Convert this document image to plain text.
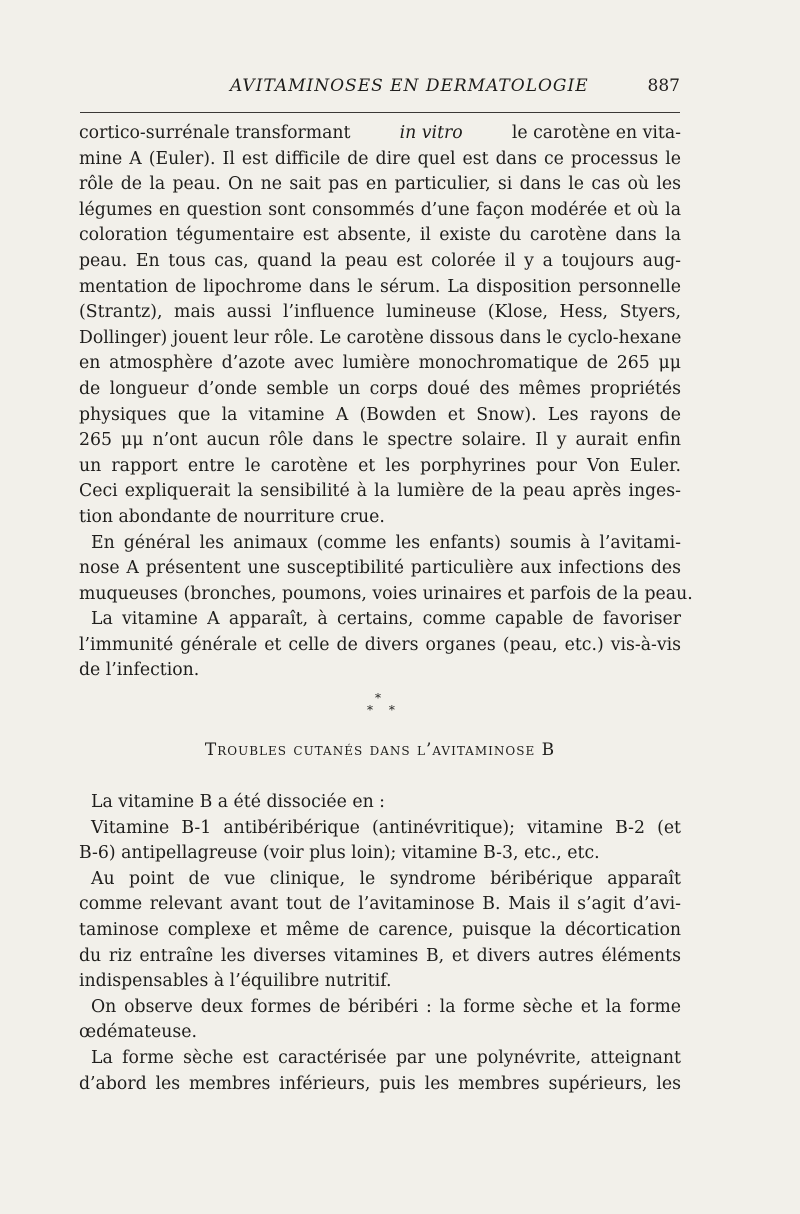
AVITAMINOSES EN DERMATOLOGIE	887
cortico-surrénale transformant	in vitro	le carotène en vita-
mine A (Euler). Il est difficile de dire quel est dans ce processus le
rôle de la peau. On ne sait pas en particulier, si dans le cas où les
légumes en question sont consommés d’une façon modérée et où la
coloration tégumentaire est absente, il existe du carotène dans la
peau. En tous cas, quand la peau est colorée il y a toujours aug-
mentation de lipochrome dans le sérum. La disposition personnelle
(Strantz), mais aussi l’influence lumineuse (Klose, Hess, Styers,
Dollinger) jouent leur rôle. Le carotène dissous dans le cyclo-hexane
en atmosphère d’azote avec lumière monochromatique de 265 μμ
de longueur d’onde semble un corps doué des mêmes propriétés
physiques que la vitamine A (Bowden et Snow). Les rayons de
265 μμ n’ont aucun rôle dans le spectre solaire. Il y aurait enfin
un rapport entre le carotène et les porphyrines pour Von Euler.
Ceci expliquerait la sensibilité à la lumière de la peau après inges-
tion abondante de nourriture crue.
En général les animaux (comme les enfants) soumis à l’avitami-
nose A présentent une susceptibilité particulière aux infections des
muqueuses (bronches, poumons, voies urinaires et parfois de la peau.
La vitamine A apparaît, à certains, comme capable de favoriser
l’immunité générale et celle de divers organes (peau, etc.) vis-à-vis
de l’infection.
*
* *
Troubles cutanés dans l’avitaminose B
La vitamine B a été dissociée en :
Vitamine B-1 antibéribérique (antinévritique); vitamine B-2 (et
B-6) antipellagreuse (voir plus loin); vitamine B-3, etc., etc.
Au point de vue clinique, le syndrome béribérique apparaît
comme relevant avant tout de l’avitaminose B. Mais il s’agit d’avi-
taminose complexe et même de carence, puisque la décortication
du riz entraîne les diverses vitamines B, et divers autres éléments
indispensables à l’équilibre nutritif.
On observe deux formes de béribéri : la forme sèche et la forme
œdémateuse.
La forme sèche est caractérisée par une polynévrite, atteignant
d’abord les membres inférieurs, puis les membres supérieurs, les
